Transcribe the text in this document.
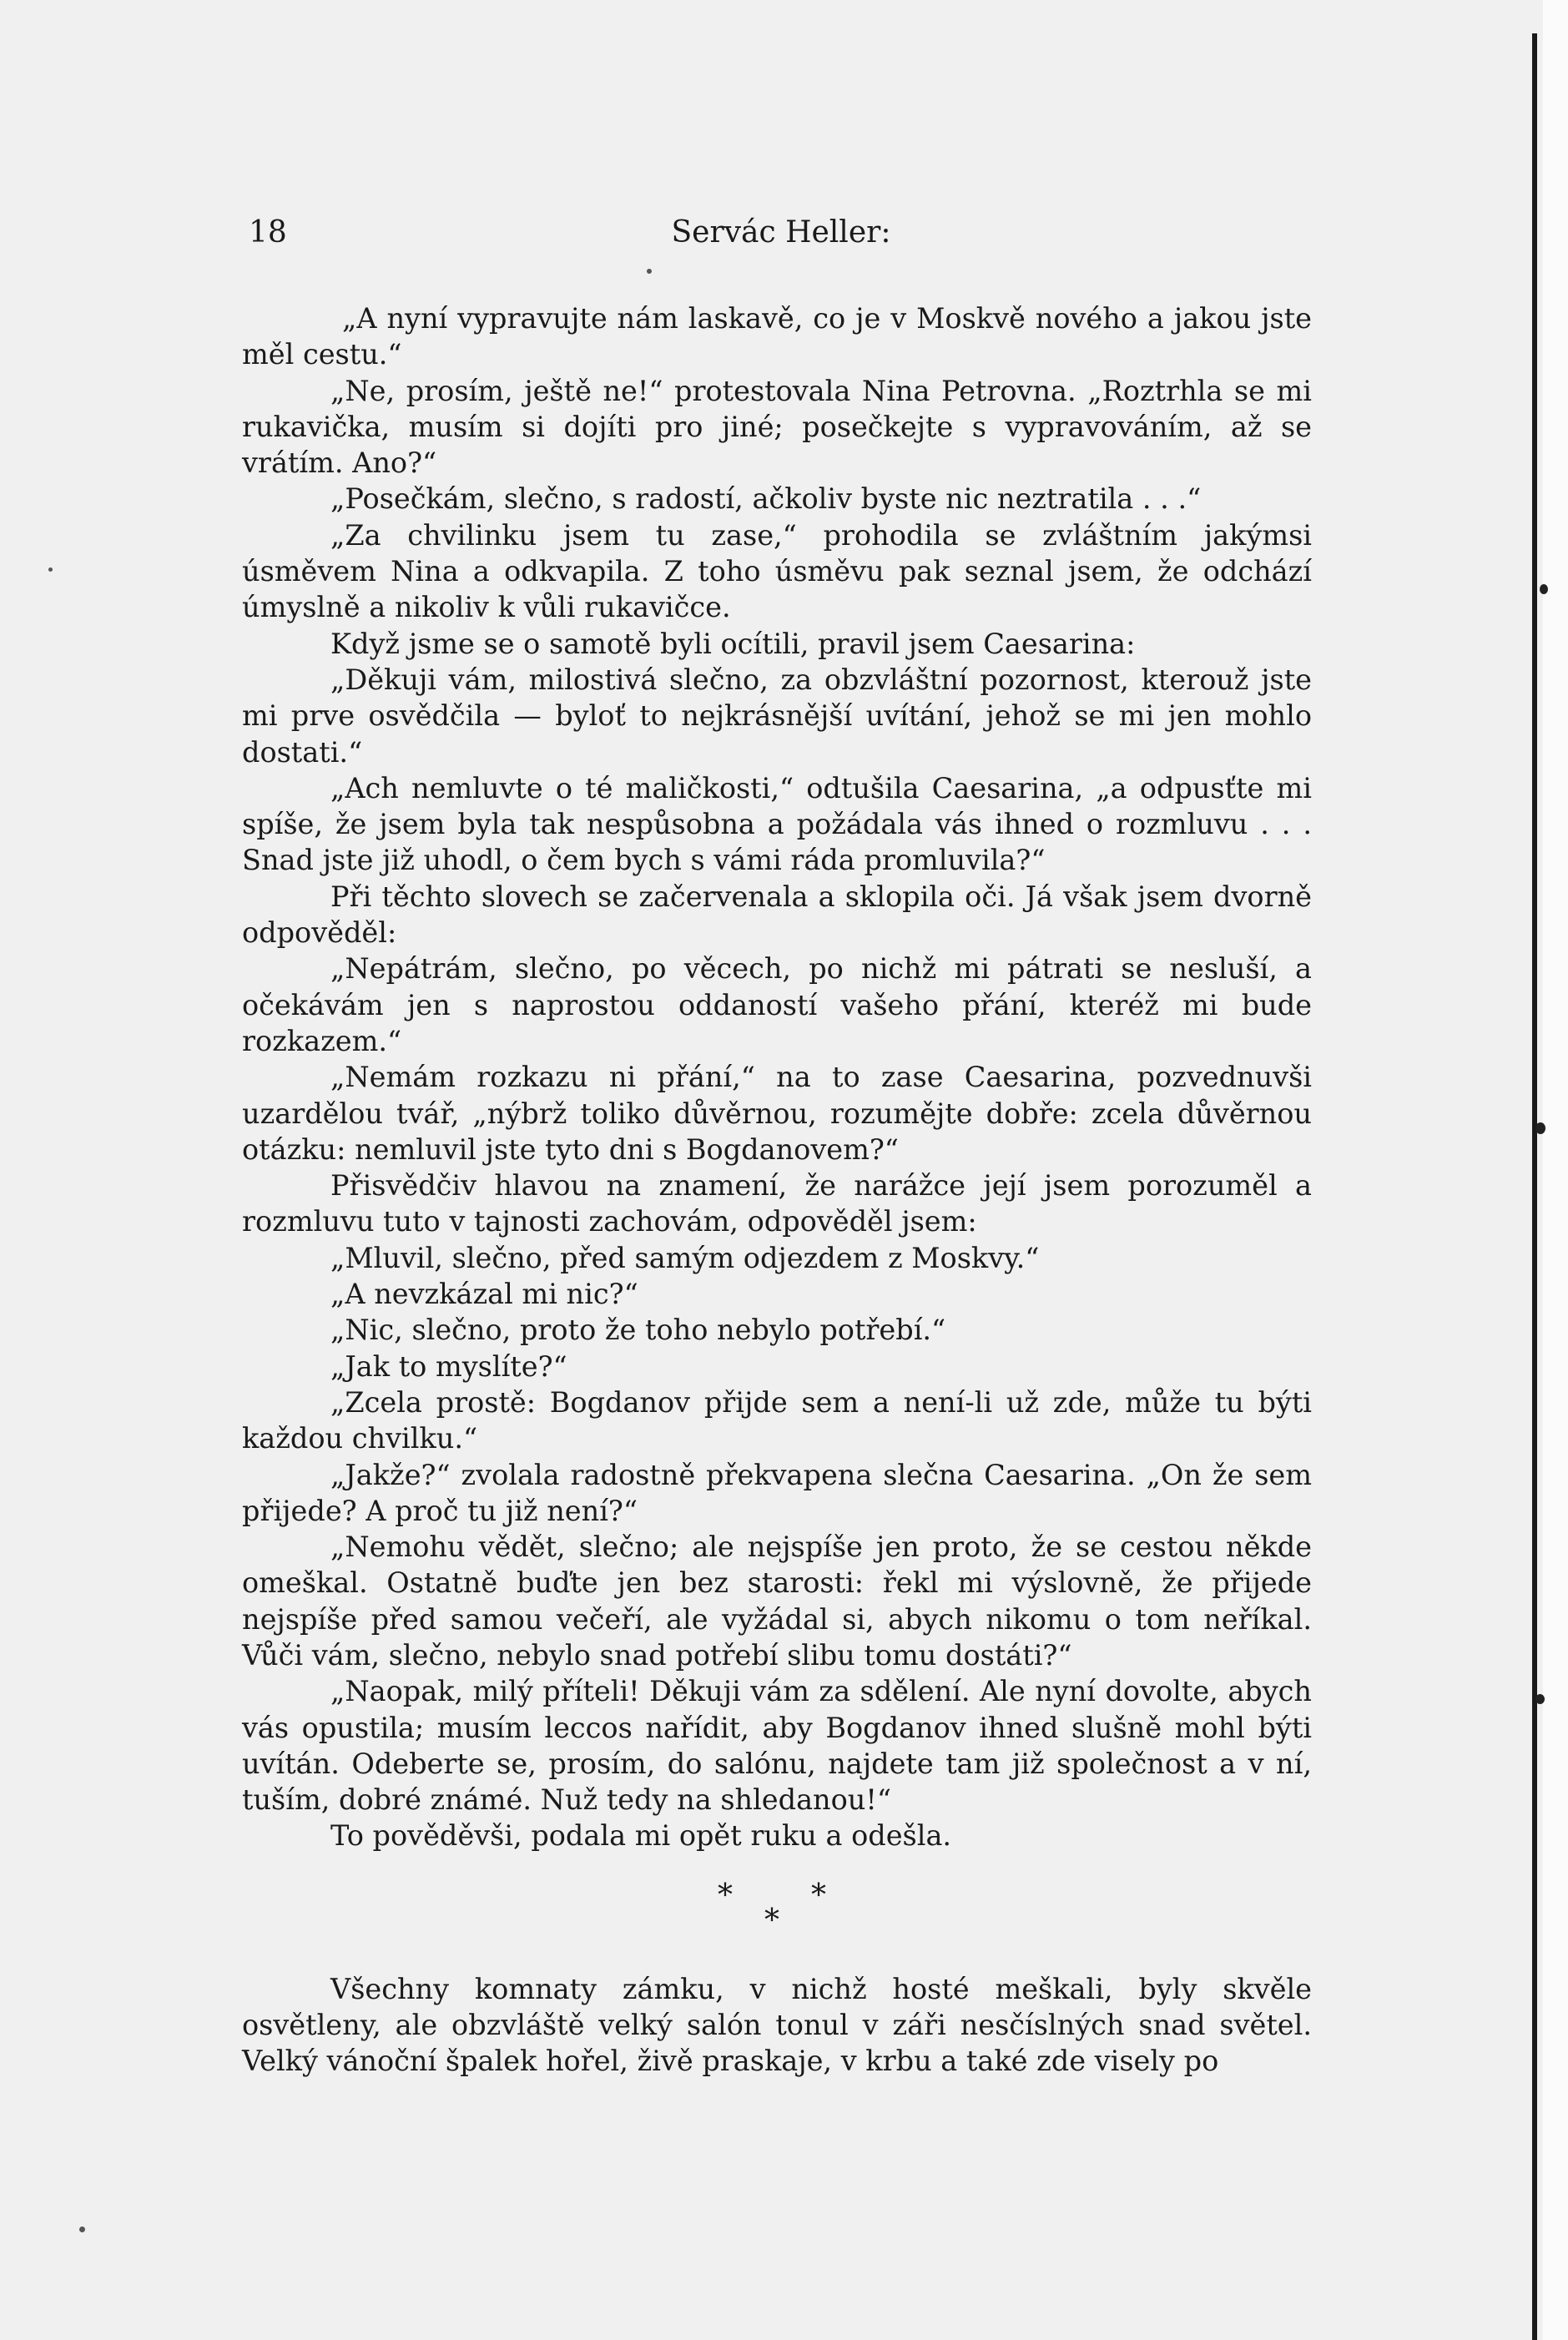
18	Servác Heller:

„A nyní vypravujte nám laskavě, co je v Moskvě nového a jakou jste měl cestu.“

„Ne, prosím, ještě ne!“ protestovala Nina Petrovna. „Roztrhla se mi rukavička, musím si dojíti pro jiné; posečkejte s vypravováním, až se vrátím. Ano?“

„Posečkám, slečno, s radostí, ačkoliv byste nic neztratila . . .“

„Za chvilinku jsem tu zase,“ prohodila se zvláštním jakýmsi úsměvem Nina a odkvapila. Z toho úsměvu pak seznal jsem, že odchází úmyslně a nikoliv k vůli rukavičce.

Když jsme se o samotě byli ocítili, pravil jsem Caesarina:

„Děkuji vám, milostivá slečno, za obzvláštní pozornost, kterouž jste mi prve osvědčila — byloť to nejkrásnější uvítání, jehož se mi jen mohlo dostati.“

„Ach nemluvte o té maličkosti,“ odtušila Caesarina, „a odpusťte mi spíše, že jsem byla tak nespůsobna a požádala vás ihned o rozmluvu . . . Snad jste již uhodl, o čem bych s vámi ráda promluvila?“

Při těchto slovech se začervenala a sklopila oči. Já však jsem dvorně odpověděl:

„Nepátrám, slečno, po věcech, po nichž mi pátrati se nesluší, a očekávám jen s naprostou oddaností vašeho přání, kteréž mi bude rozkazem.“

„Nemám rozkazu ni přání,“ na to zase Caesarina, pozvednuvši uzardělou tvář, „nýbrž toliko důvěrnou, rozumějte dobře: zcela důvěrnou otázku: nemluvil jste tyto dni s Bogdanovem?“

Přisvědčiv hlavou na znamení, že narážce její jsem porozuměl a rozmluvu tuto v tajnosti zachovám, odpověděl jsem:

„Mluvil, slečno, před samým odjezdem z Moskvy.“

„A nevzkázal mi nic?“

„Nic, slečno, proto že toho nebylo potřebí.“

„Jak to myslíte?“

„Zcela prostě: Bogdanov přijde sem a není-li už zde, může tu býti každou chvilku.“

„Jakže?“ zvolala radostně překvapena slečna Caesarina. „On že sem přijede? A proč tu již není?“

„Nemohu vědět, slečno; ale nejspíše jen proto, že se cestou někde omeškal. Ostatně buďte jen bez starosti: řekl mi výslovně, že přijede nejspíše před samou večeří, ale vyžádal si, abych nikomu o tom neříkal. Vůči vám, slečno, nebylo snad potřebí slibu tomu dostáti?“

„Naopak, milý příteli! Děkuji vám za sdělení. Ale nyní dovolte, abych vás opustila; musím leccos nařídit, aby Bogdanov ihned slušně mohl býti uvítán. Odeberte se, prosím, do salónu, najdete tam již společnost a v ní, tuším, dobré známé. Nuž tedy na shledanou!“

To pověděvši, podala mi opět ruku a odešla.

*	*
*

Všechny komnaty zámku, v nichž hosté meškali, byly skvěle osvětleny, ale obzvláště velký salón tonul v záři nesčíslných snad světel. Velký vánoční špalek hořel, živě praskaje, v krbu a také zde visely po
